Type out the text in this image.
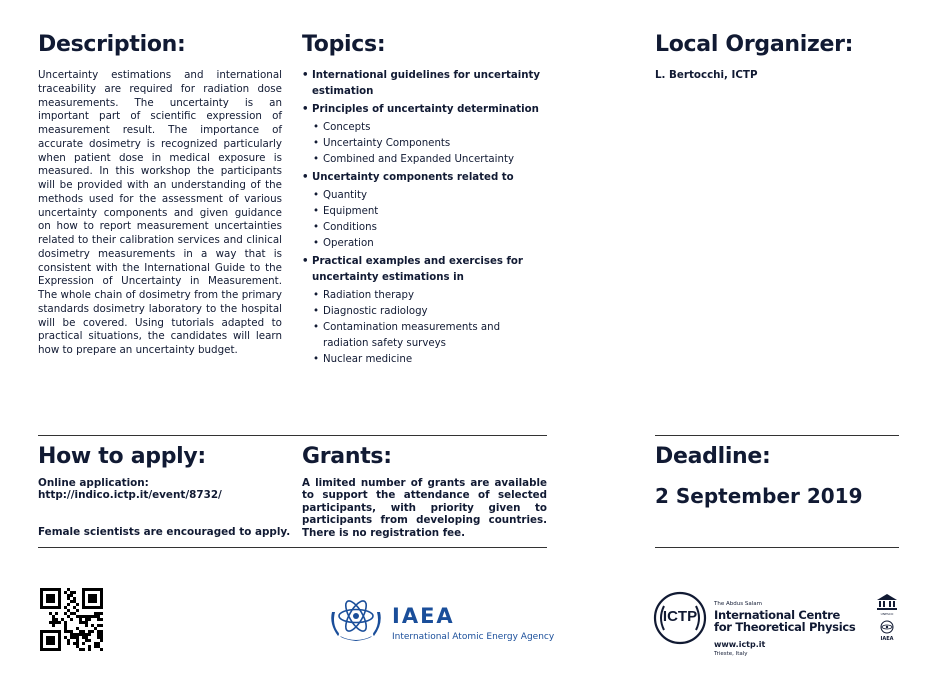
Description:
Uncertainty estimations and international traceability are required for radiation dose measurements. The uncertainty is an important part of scientific expression of measurement result. The importance of accurate dosimetry is recognized particularly when patient dose in medical exposure is measured. In this workshop the participants will be provided with an understanding of the methods used for the assessment of various uncertainty components and given guidance on how to report measurement uncertainties related to their calibration services and clinical dosimetry measurements in a way that is consistent with the International Guide to the Expression of Uncertainty in Measurement. The whole chain of dosimetry from the primary standards dosimetry laboratory to the hospital will be covered. Using tutorials adapted to practical situations, the candidates will learn how to prepare an uncertainty budget.
Topics:
• International guidelines for uncertainty estimation
• Principles of uncertainty determination
• Concepts
• Uncertainty Components
• Combined and Expanded Uncertainty
• Uncertainty components related to
• Quantity
• Equipment
• Conditions
• Operation
• Practical examples and exercises for uncertainty estimations in
• Radiation therapy
• Diagnostic radiology
• Contamination measurements and radiation safety surveys
• Nuclear medicine
Local Organizer:
L. Bertocchi, ICTP
How to apply:
Online application:
http://indico.ictp.it/event/8732/
Female scientists are encouraged to apply.
Grants:
A limited number of grants are available to support the attendance of selected participants, with priority given to participants from developing countries. There is no registration fee.
Deadline:
2 September 2019
IAEA
International Atomic Energy Agency
ICTP
The Abdus Salam
International Centre
for Theoretical Physics
www.ictp.it
Trieste, Italy
UNESCO
IAEA
